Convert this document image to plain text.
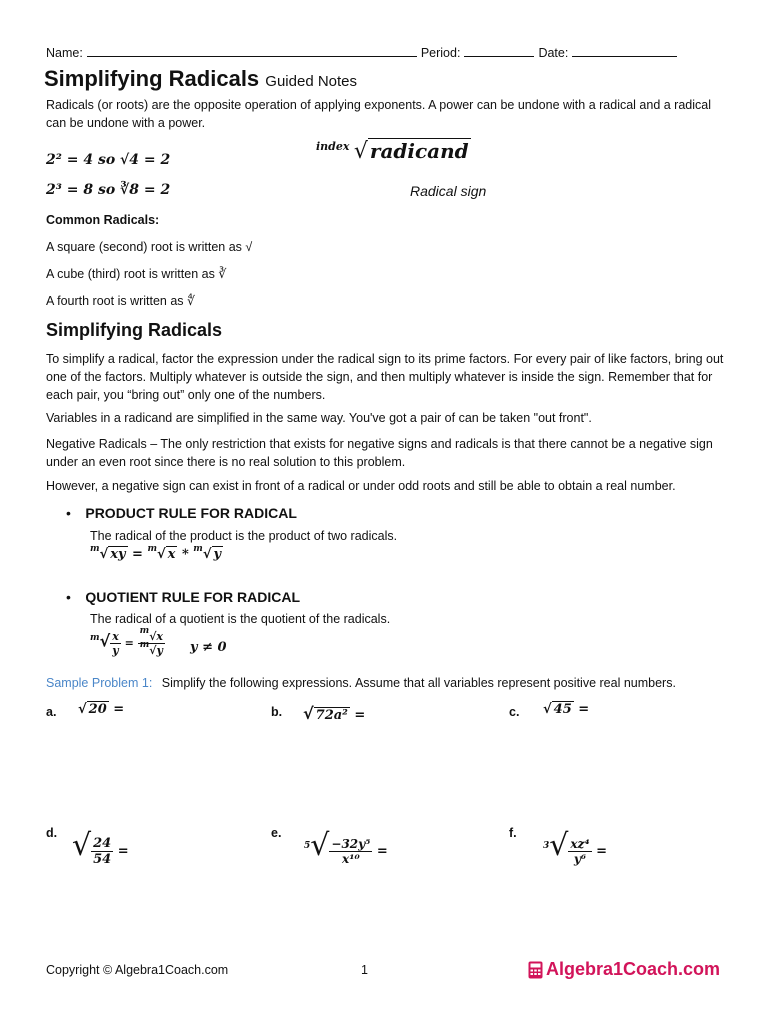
Name:	Period:	Date:
Simplifying Radicals Guided Notes
Radicals (or roots) are the opposite operation of applying exponents. A power can be undone with a radical and a radical can be undone with a power.
2² = 4 so √4 = 2
2³ = 8 so ∛8 = 2
$^{index}$ √ radicand
Radical sign
Common Radicals:
A square (second) root is written as √
A cube (third) root is written as ∛
A fourth root is written as ∜
Simplifying Radicals
To simplify a radical, factor the expression under the radical sign to its prime factors. For every pair of like factors, bring out one of the factors. Multiply whatever is outside the sign, and then multiply whatever is inside the sign. Remember that for each pair, you “bring out” only one of the numbers.
Variables in a radicand are simplified in the same way. You've got a pair of can be taken "out front".
Negative Radicals – The only restriction that exists for negative signs and radicals is that there cannot be a negative sign under an even root since there is no real solution to this problem.
However, a negative sign can exist in front of a radical or under odd roots and still be able to obtain a real number.
• PRODUCT RULE FOR RADICAL
The radical of the product is the product of two radicals.
$^m$√ xy = $^m$√ x * $^m$√ y
• QUOTIENT RULE FOR RADICAL
The radical of a quotient is the quotient of the radicals.
$^m√ \frac{x}{y} = \frac{^m√x}{^m√y}$ y ≠ 0
Sample Problem 1: Simplify the following expressions. Assume that all variables represent positive real numbers.
a. √ 20 =	b. √ 72a² =	c. √ 45 =
d. √ $\frac{24}{54}$ =
e.
$^5√ \frac{\text{−32y⁵}}{\text{x¹⁰}}$ =
f.
$^3√ \frac{\text{xz⁴}}{\text{y⁶}}$ =
Copyright © Algebra1Coach.com	1	Algebra1Coach.com
